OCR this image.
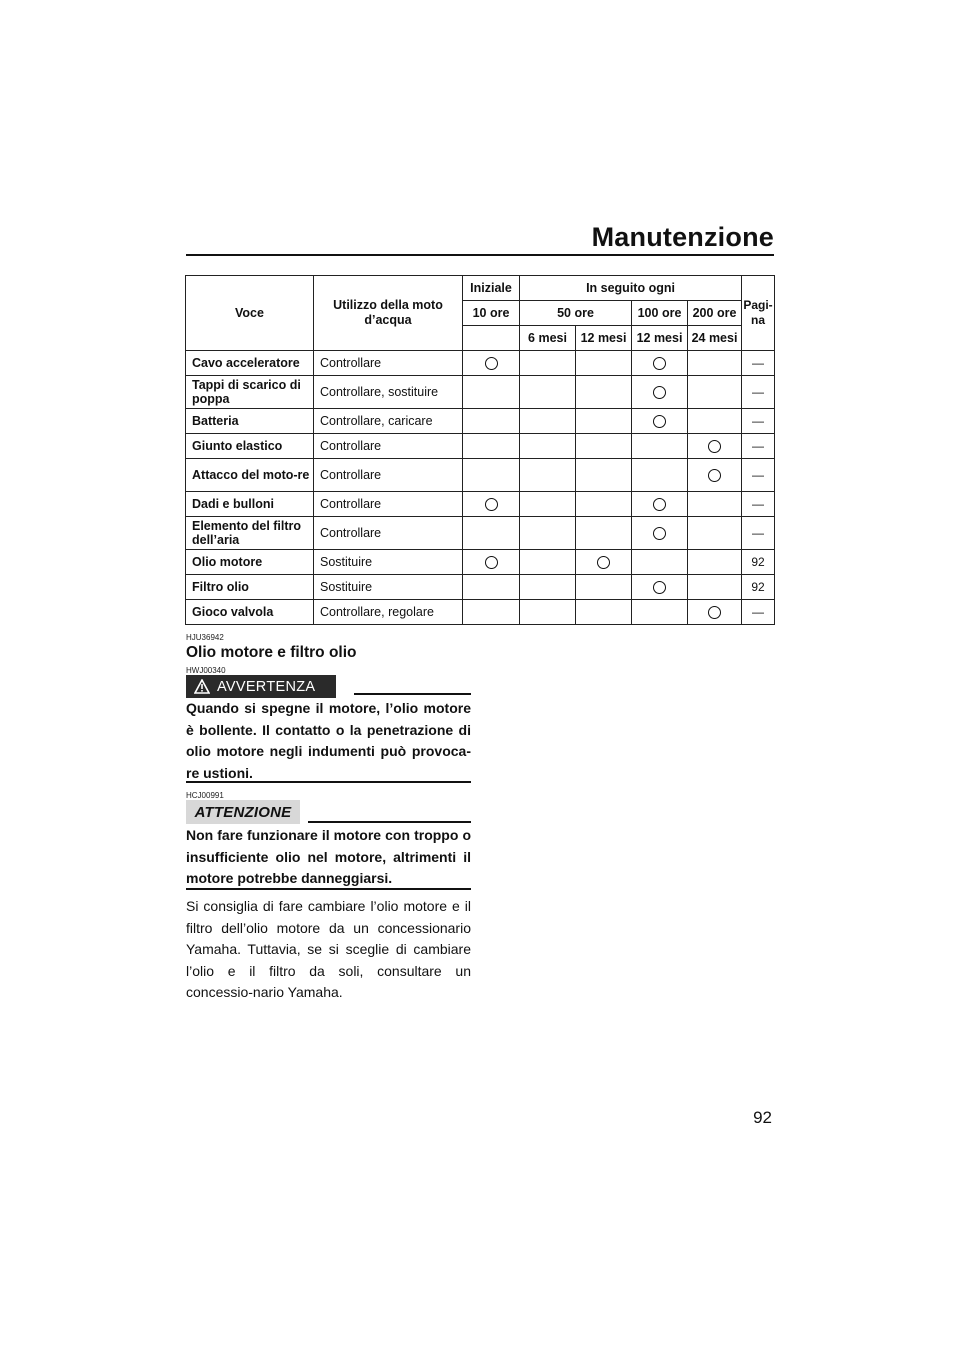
Manutenzione
Voce	Utilizzo della moto d’acqua	Iniziale	In seguito ogni				Pagi-na
		10 ore	50 ore		100 ore	200 ore	
			6 mesi	12 mesi	12 mesi	24 mesi	
Cavo acceleratore	Controllare						—
Tappi di scarico di poppa	Controllare, sostituire						—
Batteria	Controllare, caricare						—
Giunto elastico	Controllare						—
Attacco del moto-re	Controllare						—
Dadi e bulloni	Controllare						—
Elemento del filtro dell’aria	Controllare						—
Olio motore	Sostituire						92
Filtro olio	Sostituire						92
Gioco valvola	Controllare, regolare						—
HJU36942
Olio motore e filtro olio
HWJ00340
AVVERTENZA
Quando si spegne il motore, l’olio motore è bollente. Il contatto o la penetrazione di olio motore negli indumenti può provoca-re ustioni.
HCJ00991
ATTENZIONE
Non fare funzionare il motore con troppo o insufficiente olio nel motore, altrimenti il motore potrebbe danneggiarsi.
Si consiglia di fare cambiare l’olio motore e il filtro dell’olio motore da un concessionario Yamaha. Tuttavia, se si sceglie di cambiare l’olio e il filtro da soli, consultare un concessio-nario Yamaha.
92
